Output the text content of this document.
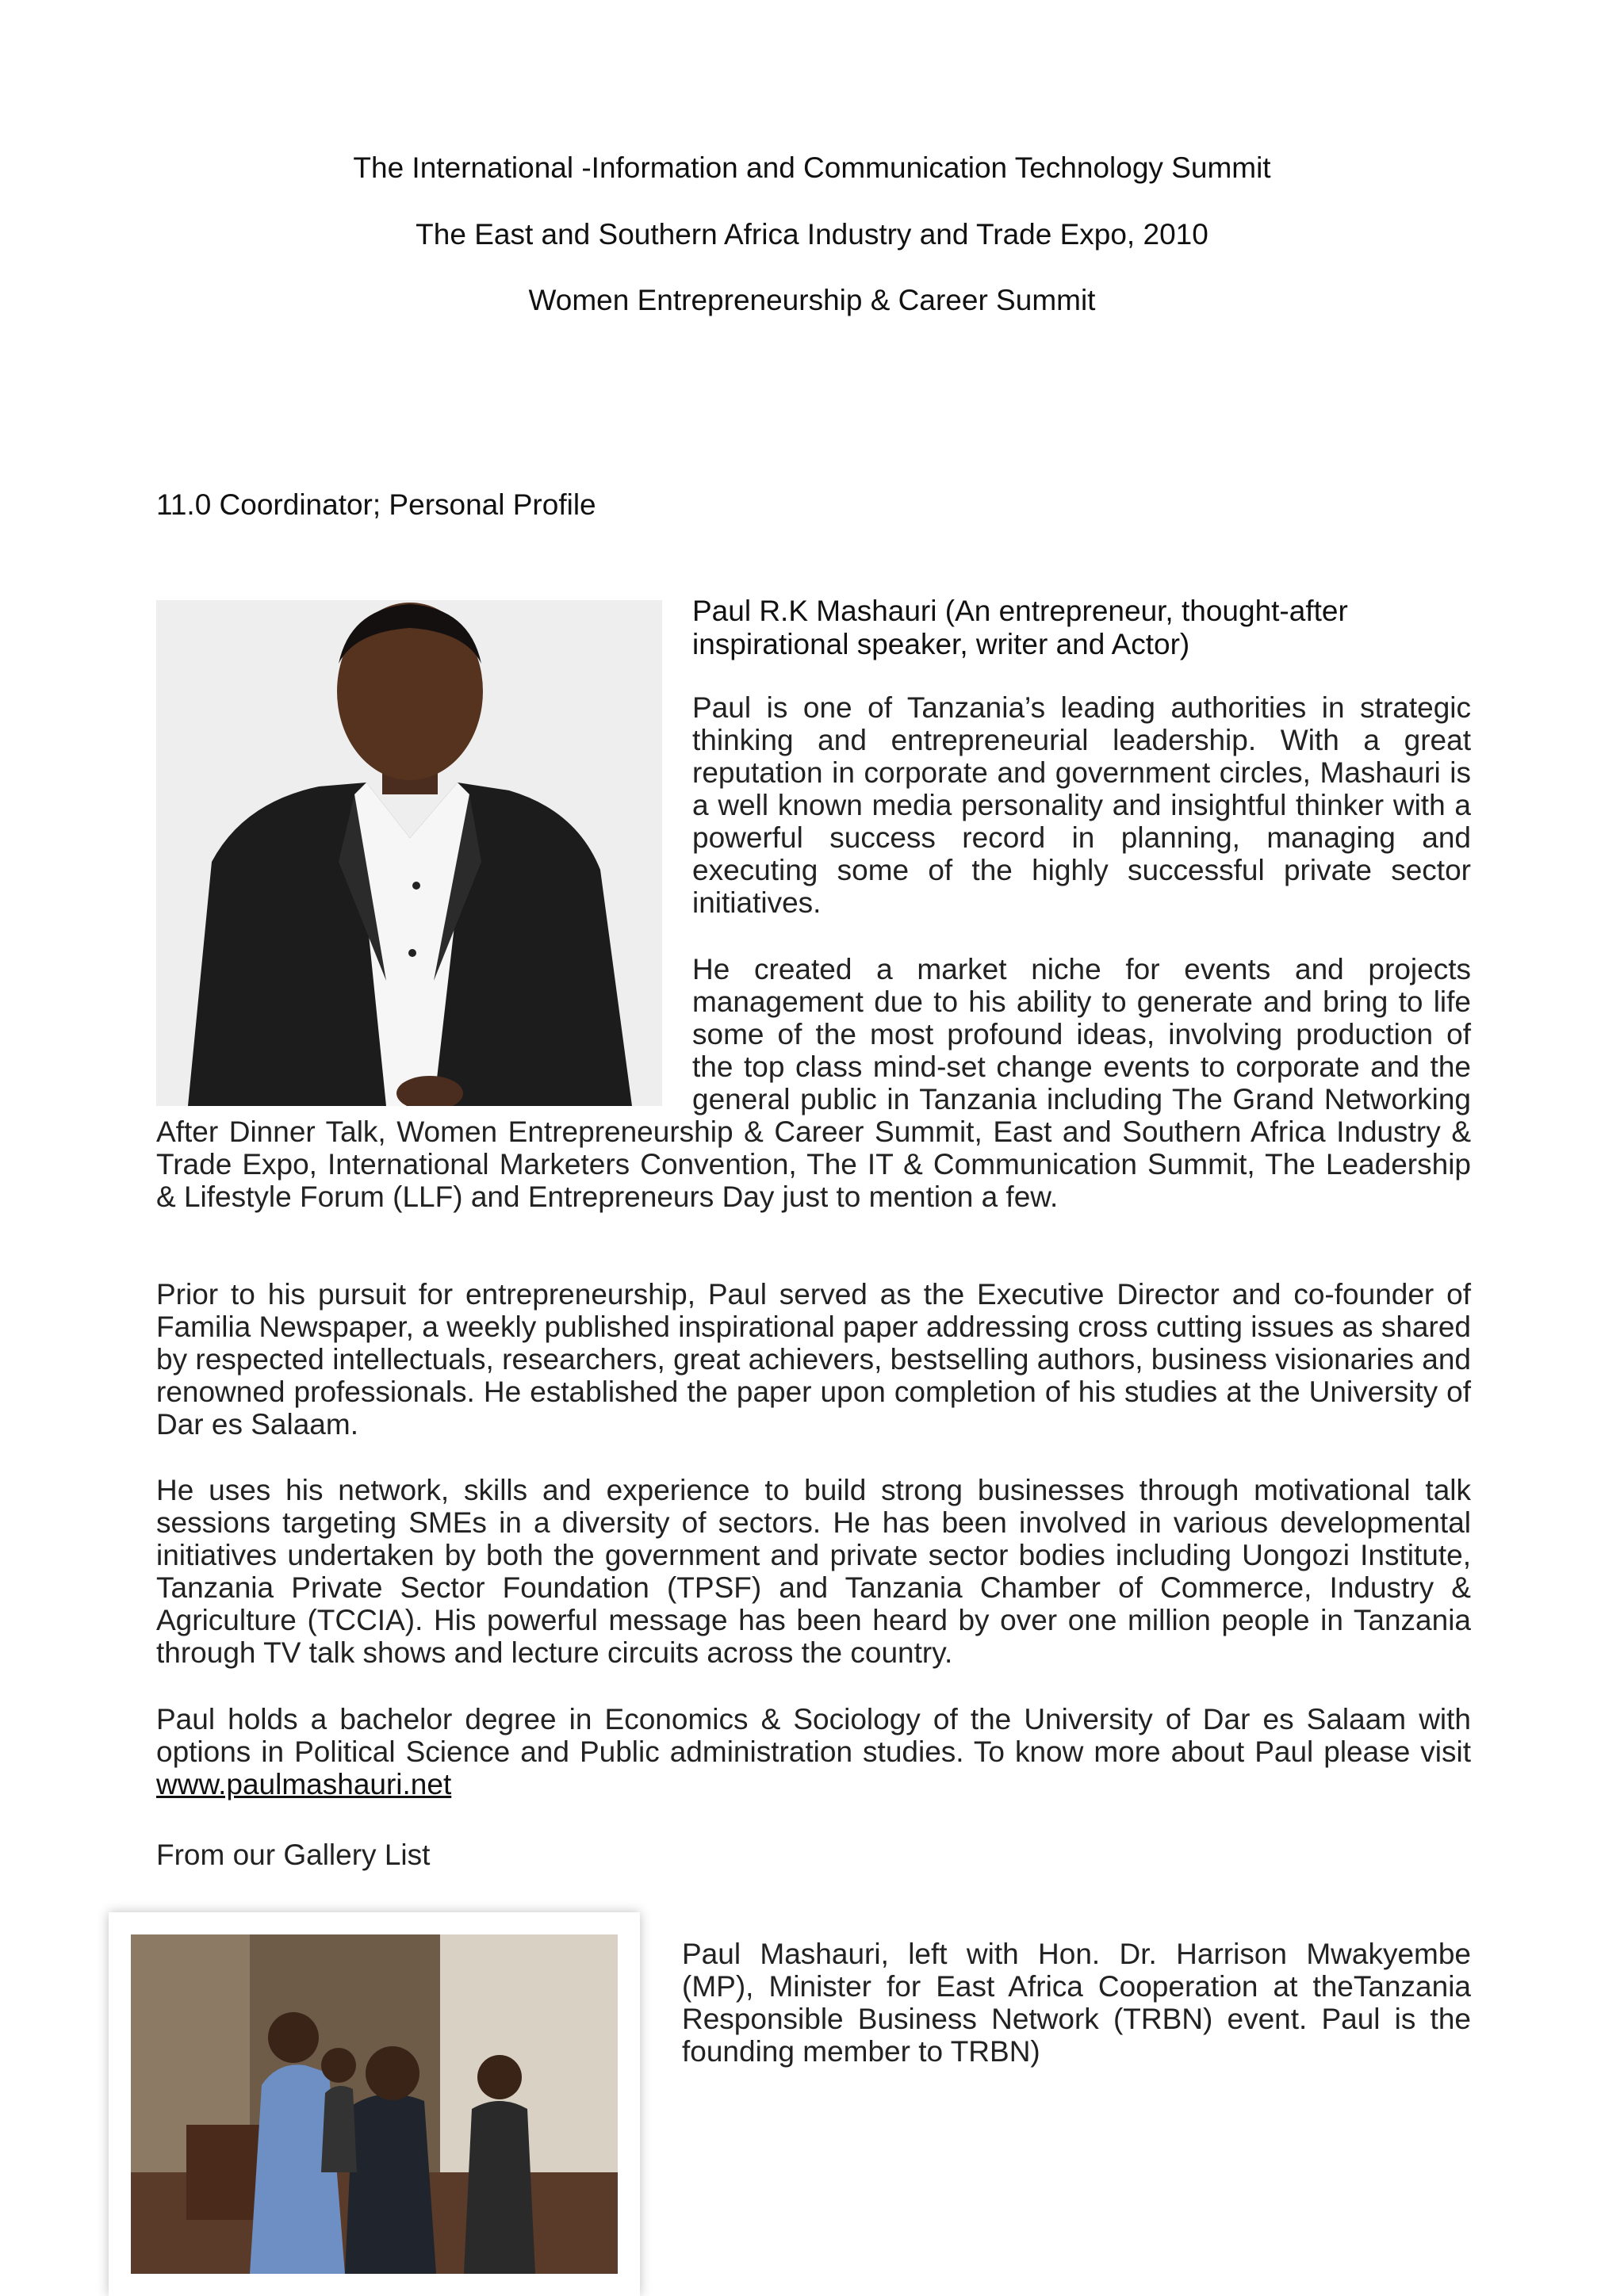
The International -Information and Communication Technology Summit
The East and Southern Africa Industry and Trade Expo, 2010
Women Entrepreneurship & Career Summit
11.0 Coordinator; Personal Profile
Paul R.K Mashauri (An entrepreneur, thought-after inspirational speaker, writer and Actor)
Paul is one of Tanzania’s leading authorities in strategic thinking and entrepreneurial leadership. With a great reputation in corporate and government circles, Mashauri is a well known media personality and insightful thinker with a powerful success record in planning, managing and executing some of the highly successful private sector initiatives.
He created a market niche for events and projects management due to his ability to generate and bring to life some of the most profound ideas, involving production of the top class mind-set change events to corporate and the general public in Tanzania including The Grand Networking After Dinner Talk, Women Entrepreneurship & Career Summit, East and Southern Africa Industry & Trade Expo, International Marketers Convention, The IT & Communication Summit, The Leadership & Lifestyle Forum (LLF) and Entrepreneurs Day just to mention a few.
Prior to his pursuit for entrepreneurship, Paul served as the Executive Director and co-founder of Familia Newspaper, a weekly published inspirational paper addressing cross cutting issues as shared by respected intellectuals, researchers, great achievers, bestselling authors, business visionaries and renowned professionals. He established the paper upon completion of his studies at the University of Dar es Salaam.
He uses his network, skills and experience to build strong businesses through motivational talk sessions targeting SMEs in a diversity of sectors. He has been involved in various developmental initiatives undertaken by both the government and private sector bodies including Uongozi Institute, Tanzania Private Sector Foundation (TPSF) and Tanzania Chamber of Commerce, Industry & Agriculture (TCCIA). His powerful message has been heard by over one million people in Tanzania through TV talk shows and lecture circuits across the country.
Paul holds a bachelor degree in Economics & Sociology of the University of Dar es Salaam with options in Political Science and Public administration studies. To know more about Paul please visit www.paulmashauri.net
From our Gallery List
Paul Mashauri, left with Hon. Dr. Harrison Mwakyembe (MP), Minister for East Africa Cooperation at theTanzania Responsible Business Network (TRBN) event. Paul is the founding member to TRBN)
